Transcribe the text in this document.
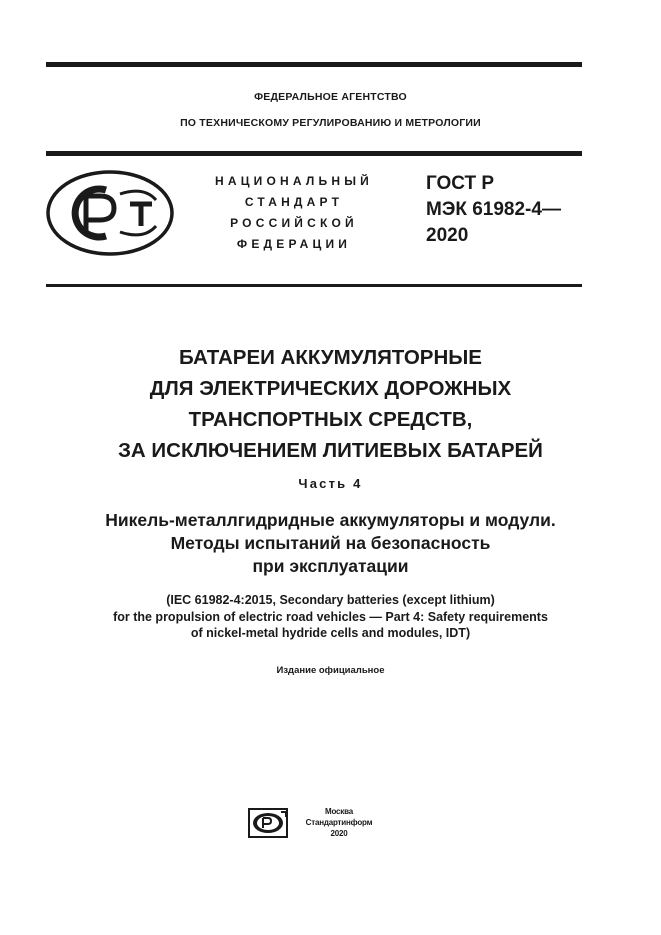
ФЕДЕРАЛЬНОЕ АГЕНТСТВО
ПО ТЕХНИЧЕСКОМУ РЕГУЛИРОВАНИЮ И МЕТРОЛОГИИ
НАЦИОНАЛЬНЫЙ
СТАНДАРТ
РОССИЙСКОЙ
ФЕДЕРАЦИИ
ГОСТ Р
МЭК 61982-4—
2020
БАТАРЕИ АККУМУЛЯТОРНЫЕ
ДЛЯ ЭЛЕКТРИЧЕСКИХ ДОРОЖНЫХ
ТРАНСПОРТНЫХ СРЕДСТВ,
ЗА ИСКЛЮЧЕНИЕМ ЛИТИЕВЫХ БАТАРЕЙ
Часть 4
Никель-металлгидридные аккумуляторы и модули.
Методы испытаний на безопасность
при эксплуатации
(IEC 61982-4:2015, Secondary batteries (except lithium)
for the propulsion of electric road vehicles — Part 4: Safety requirements
of nickel-metal hydride cells and modules, IDT)
Издание официальное
Москва
Стандартинформ
2020
